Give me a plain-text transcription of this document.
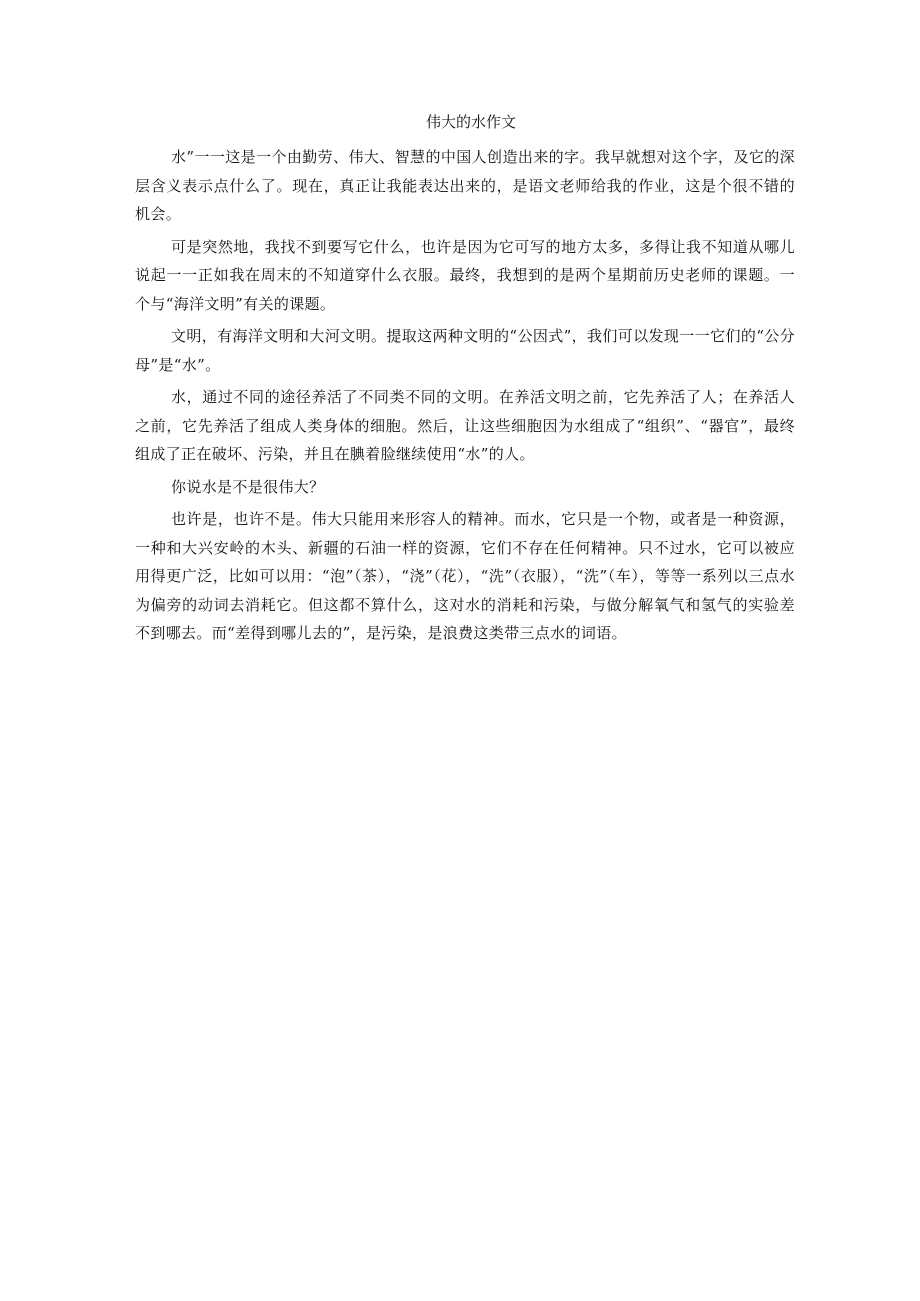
伟大的水作文

水”一一这是一个由勤劳、伟大、智慧的中国人创造出来的字。我早就想对这个字，及它的深层含义表示点什么了。现在，真正让我能表达出来的，是语文老师给我的作业，这是个很不错的机会。

可是突然地，我找不到要写它什么，也许是因为它可写的地方太多，多得让我不知道从哪儿说起一一正如我在周末的不知道穿什么衣服。最终，我想到的是两个星期前历史老师的课题。一个与“海洋文明”有关的课题。

文明，有海洋文明和大河文明。提取这两种文明的“公因式”，我们可以发现一一它们的“公分母”是“水”。

水，通过不同的途径养活了不同类不同的文明。在养活文明之前，它先养活了人；在养活人之前，它先养活了组成人类身体的细胞。然后，让这些细胞因为水组成了“组织”、“器官”，最终组成了正在破坏、污染，并且在腆着脸继续使用“水”的人。

你说水是不是很伟大？

也许是，也许不是。伟大只能用来形容人的精神。而水，它只是一个物，或者是一种资源，一种和大兴安岭的木头、新疆的石油一样的资源，它们不存在任何精神。只不过水，它可以被应用得更广泛，比如可以用：“泡”（茶），“浇”（花），“洗”（衣服），“洗”（车），等等一系列以三点水为偏旁的动词去消耗它。但这都不算什么，这对水的消耗和污染，与做分解氧气和氢气的实验差不到哪去。而“差得到哪儿去的”，是污染，是浪费这类带三点水的词语。
